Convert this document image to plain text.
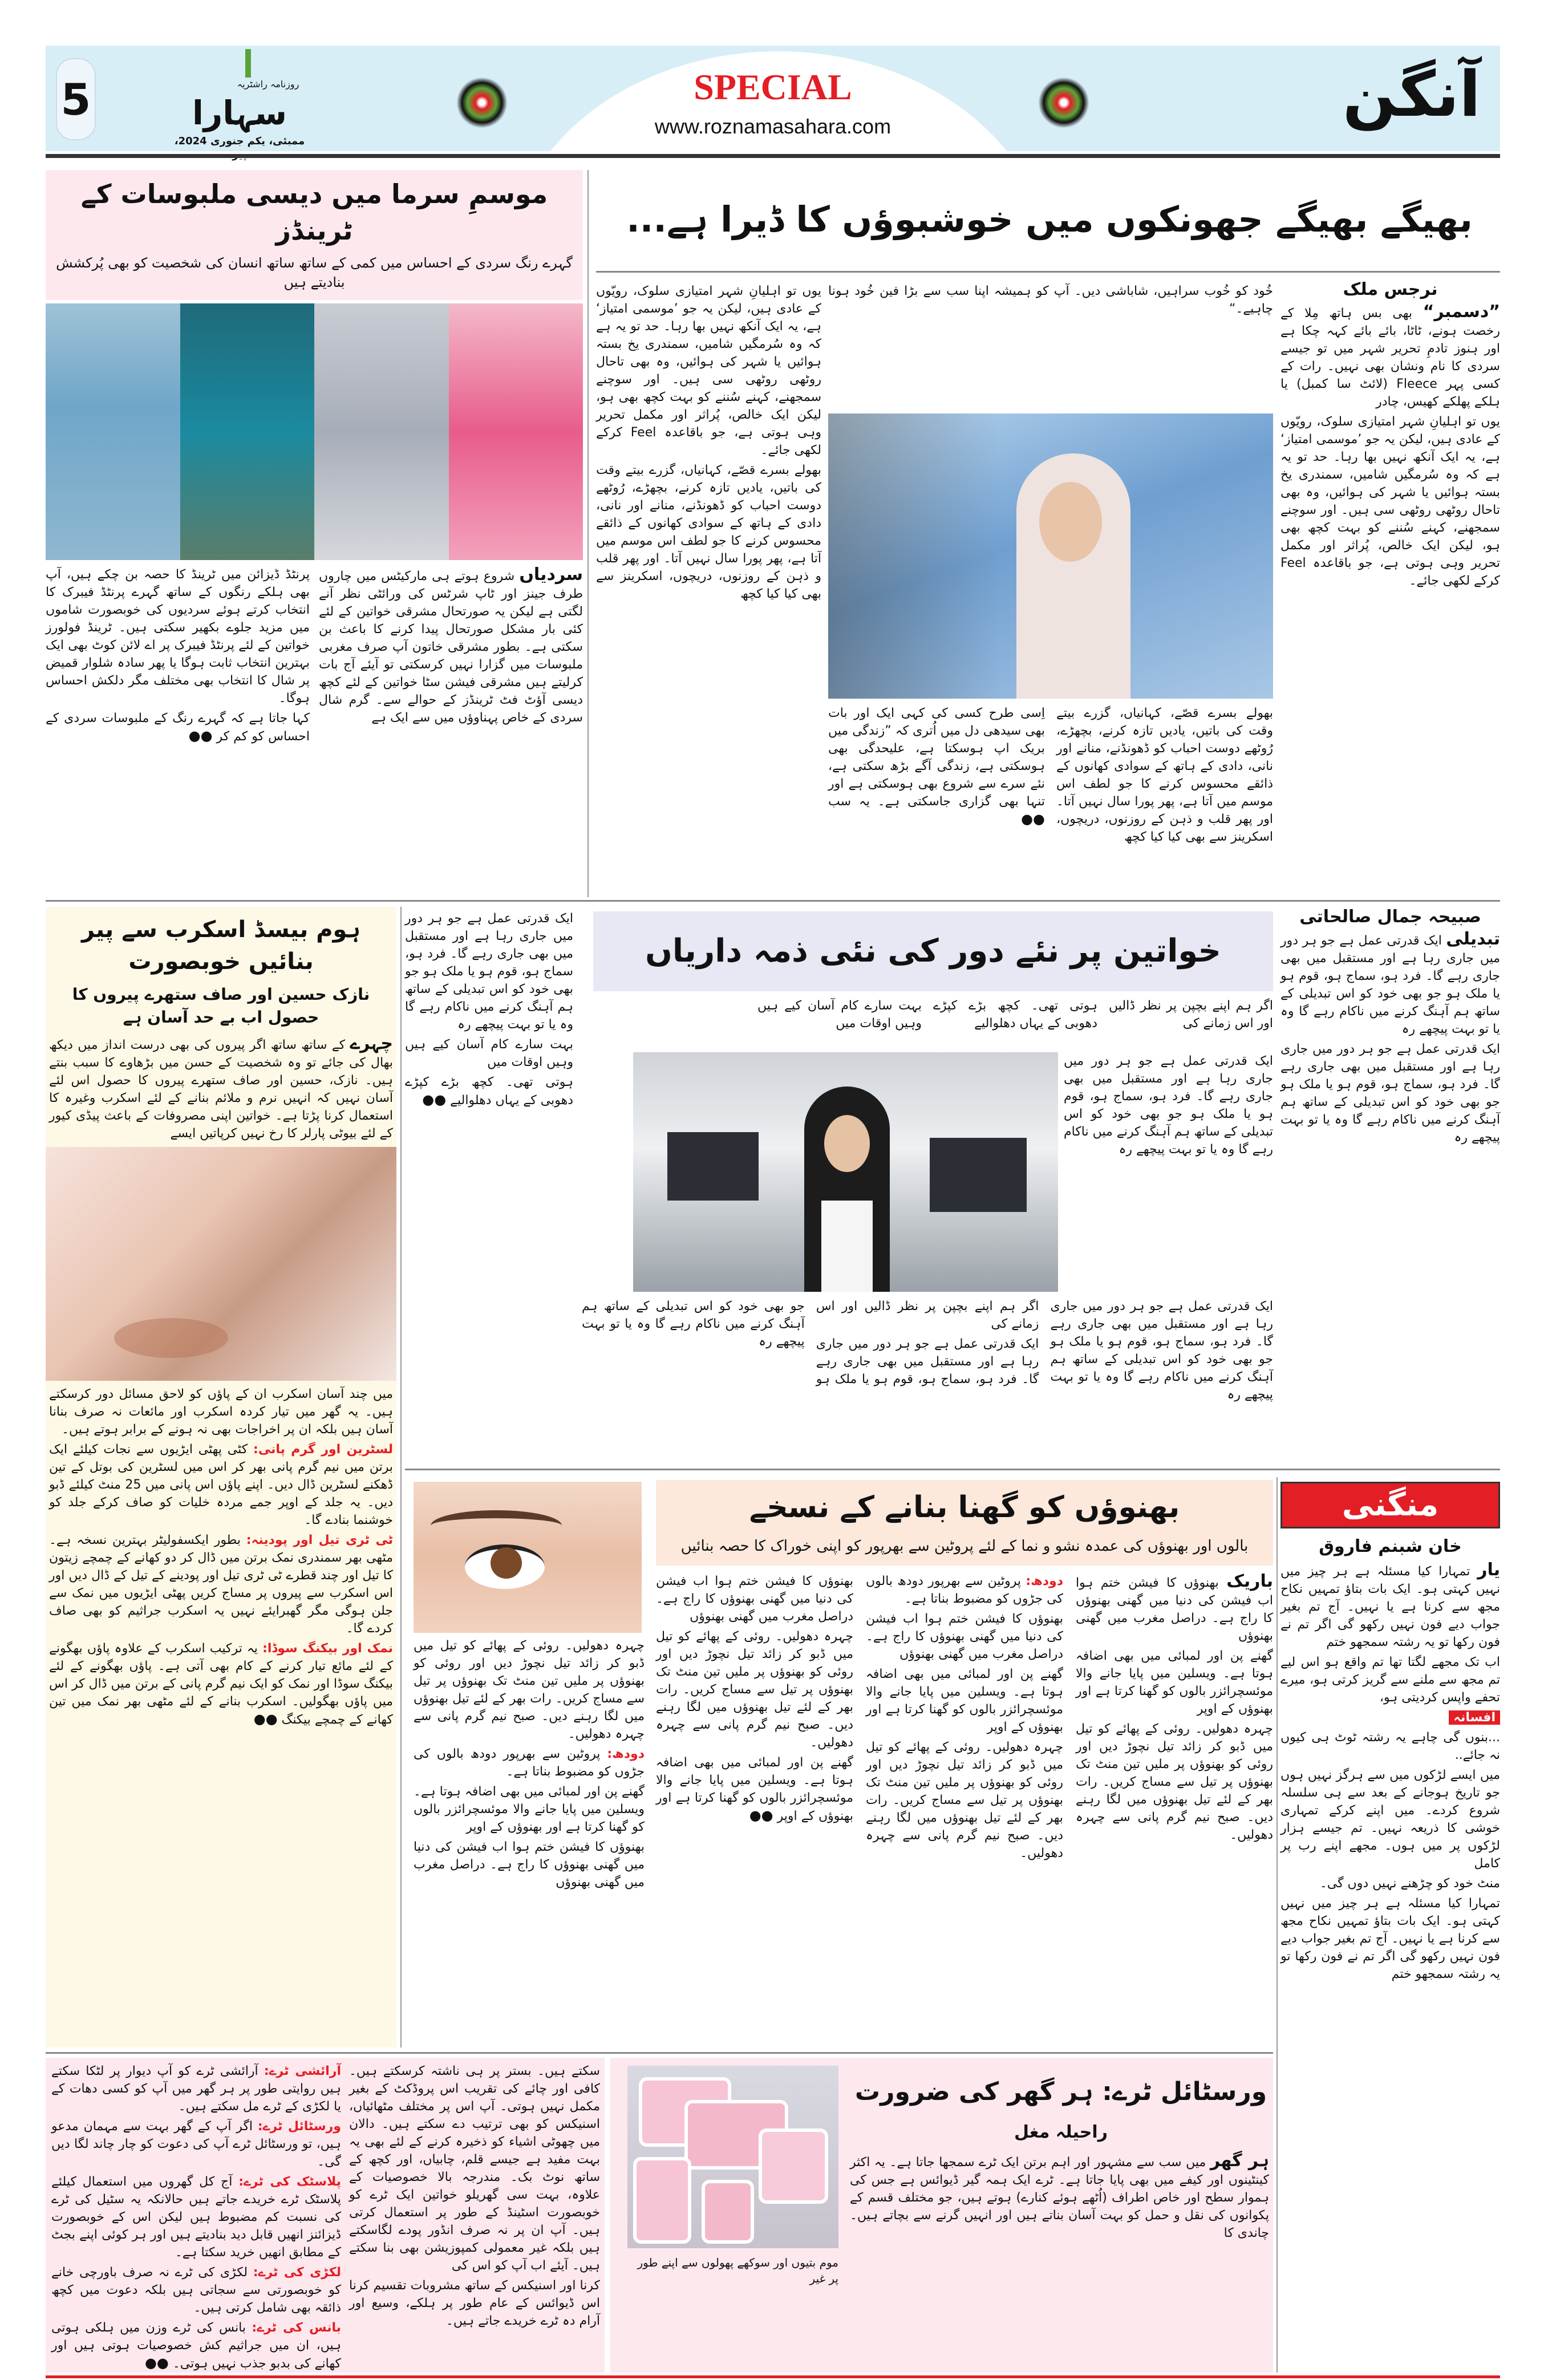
5	روزنامہ راشٹریہ
سہارا
ممبئی، یکم جنوری 2024،
SPECIAL
www.roznamasahara.com	آنگن
موسمِ سرما میں دیسی ملبوسات کے ٹرینڈز
گہرے رنگ سردی کے احساس میں کمی کے ساتھ ساتھ انسان کی شخصیت کو بھی پُرکشش بنادیتے ہیں

سردیاں شروع ہوتے ہی مارکیٹس میں چاروں طرف جینز اور ٹاپ شرٹس کی ورائٹی نظر آنے لگتی ہے لیکن یہ صورتحال مشرقی خواتین کے لئے کئی بار مشکل صورتحال پیدا کرنے کا باعث بن سکتی ہے۔ بطور مشرقی خاتون آپ صرف مغربی ملبوسات میں گزارا نہیں کرسکتی تو آیئے آج بات کرلیتے ہیں مشرقی فیشن سٹا خواتین کے لئے کچھ دیسی آؤٹ فٹ ٹرینڈز کے حوالے سے۔ گرم شال سردی کے خاص پہناوؤں میں سے ایک ہے

پرنٹڈ ڈیزائن میں ٹرینڈ کا حصہ بن چکے ہیں، آپ بھی ہلکے رنگوں کے ساتھ گہرے پرنٹڈ فیبرک کا انتخاب کرتے ہوئے سردیوں کی خوبصورت شاموں میں مزید جلوے بکھیر سکتی ہیں۔ ٹرینڈ فولورز خواتین کے لئے پرنٹڈ فیبرک پر اے لائن کوٹ بھی ایک بہترین انتخاب ثابت ہوگا یا پھر سادہ شلوار قمیض پر شال کا انتخاب بھی مختلف مگر دلکش احساس ہوگا۔

کہا جاتا ہے کہ گہرے رنگ کے ملبوسات سردی کے احساس کو کم کر ●●

بھیگے بھیگے جھونکوں میں خوشبوؤں کا ڈیرا ہے...
نرجس ملک

”دسمبر“ بھی بس ہاتھ مِلا کے رخصت ہونے، ٹاٹا، بائے بائے کہہ چکا ہے اور ہنوز تادمِ تحریر شہر میں تو جیسے سردی کا نام ونشان بھی نہیں۔ رات کے کسی پہر Fleece (لائٹ سا کمبل) یا ہلکے پھلکے کھیس، چادر

یوں تو اہلیانِ شہر امتیازی سلوک، رویّوں کے عادی ہیں، لیکن یہ جو ’موسمی امتیاز‘ ہے، یہ ایک آنکھ نہیں بھا رہا۔ حد تو یہ ہے کہ وہ سُرمگیں شامیں، سمندری یخ بستہ ہوائیں یا شہر کی ہوائیں، وہ بھی تاحال روٹھی روٹھی سی ہیں۔ اور سوچنے سمجھنے، کہنے سُننے کو بہت کچھ بھی ہو، لیکن ایک خالص، پُراثر اور مکمل تحریر وہی ہوتی ہے، جو باقاعدہ Feel کرکے لکھی جائے۔

خُود کو خُوب سراہیں، شاباشی دیں۔ آپ کو ہمیشہ اپنا سب سے بڑا فین خُود ہونا چاہیے۔“

بھولے بسرے قصّے، کہانیاں، گزرے بیتے وقت کی باتیں، یادیں تازہ کرنے، بچھڑے، رُوٹھے دوست احباب کو ڈھونڈنے، منانے اور نانی، دادی کے ہاتھ کے سوادی کھانوں کے ذائقے محسوس کرنے کا جو لطف اس موسم میں آتا ہے، پھر پورا سال نہیں آتا۔ اور پھر قلب و ذہن کے روزنوں، دریچوں، اسکرینز سے بھی کیا کیا کچھ

اِسی طرح کسی کی کہی ایک اور بات بھی سیدھی دل میں اُتری کہ ”زندگی میں بریک اپ ہوسکتا ہے، علیحدگی بھی ہوسکتی ہے، زندگی آگے بڑھ سکتی ہے، نئے سرے سے شروع بھی ہوسکتی ہے اور تنہا بھی گزاری جاسکتی ہے۔ یہ سب ●●

یوں تو اہلیانِ شہر امتیازی سلوک، رویّوں کے عادی ہیں، لیکن یہ جو ’موسمی امتیاز‘ ہے، یہ ایک آنکھ نہیں بھا رہا۔ حد تو یہ ہے کہ وہ سُرمگیں شامیں، سمندری یخ بستہ ہوائیں یا شہر کی ہوائیں، وہ بھی تاحال روٹھی روٹھی سی ہیں۔ اور سوچنے سمجھنے، کہنے سُننے کو بہت کچھ بھی ہو، لیکن ایک خالص، پُراثر اور مکمل تحریر وہی ہوتی ہے، جو باقاعدہ Feel کرکے لکھی جائے۔

بھولے بسرے قصّے، کہانیاں، گزرے بیتے وقت کی باتیں، یادیں تازہ کرنے، بچھڑے، رُوٹھے دوست احباب کو ڈھونڈنے، منانے اور نانی، دادی کے ہاتھ کے سوادی کھانوں کے ذائقے محسوس کرنے کا جو لطف اس موسم میں آتا ہے، پھر پورا سال نہیں آتا۔ اور پھر قلب و ذہن کے روزنوں، دریچوں، اسکرینز سے بھی کیا کیا کچھ

ہوم بیسڈ اسکرب سے پیر بنائیں خوبصورت
نازک حسین اور صاف ستھرے پیروں کا حصول اب بے حد آسان ہے

چہرے کے ساتھ ساتھ اگر پیروں کی بھی درست انداز میں دیکھ بھال کی جائے تو وہ شخصیت کے حسن میں بڑھاوے کا سبب بنتے ہیں۔ نازک، حسین اور صاف ستھرے پیروں کا حصول اس لئے آسان نہیں کہ انہیں نرم و ملائم بنانے کے لئے اسکرب وغیرہ کا استعمال کرنا پڑتا ہے۔ خواتین اپنی مصروفات کے باعث پیڈی کیور کے لئے بیوٹی پارلر کا رخ نہیں کرپاتیں ایسے

میں چند آسان اسکرب ان کے پاؤں کو لاحق مسائل دور کرسکتے ہیں۔ یہ گھر میں تیار کردہ اسکرب اور مائعات نہ صرف بنانا آسان ہیں بلکہ ان پر اخراجات بھی نہ ہونے کے برابر ہوتے ہیں۔

لسٹرین اور گرم پانی: کٹی پھٹی ایڑیوں سے نجات کیلئے ایک برتن میں نیم گرم پانی بھر کر اس میں لسٹرین کی بوتل کے تین ڈھکنے لسٹرین ڈال دیں۔ اپنے پاؤں اس پانی میں 25 منٹ کیلئے ڈبو دیں۔ یہ جلد کے اوپر جمے مردہ خلیات کو صاف کرکے جلد کو خوشنما بنادے گا۔

ٹی ٹری تیل اور پودینہ: بطور ایکسفولیٹر بہترین نسخہ ہے۔ مٹھی بھر سمندری نمک برتن میں ڈال کر دو کھانے کے چمچے زیتون کا تیل اور چند قطرے ٹی ٹری تیل اور پودینے کے تیل کے ڈال دیں اور اس اسکرب سے پیروں پر مساج کریں پھٹی ایڑیوں میں نمک سے جلن ہوگی مگر گھبرایئے نہیں یہ اسکرب جراثیم کو بھی صاف کردے گا۔

نمک اور بیکنگ سوڈا: یہ ترکیب اسکرب کے علاوہ پاؤں بھگونے کے لئے مائع تیار کرنے کے کام بھی آتی ہے۔ پاؤں بھگونے کے لئے بیکنگ سوڈا اور نمک کو ایک نیم گرم پانی کے برتن میں ڈال کر اس میں پاؤں بھگولیں۔ اسکرب بنانے کے لئے مٹھی بھر نمک میں تین کھانے کے چمچے بیکنگ ●●

ایک قدرتی عمل ہے جو ہر دور میں جاری رہا ہے اور مستقبل میں بھی جاری رہے گا۔ فرد ہو، سماج ہو، قوم ہو یا ملک ہو جو بھی خود کو اس تبدیلی کے ساتھ ہم آہنگ کرنے میں ناکام رہے گا وہ یا تو بہت پیچھے رہ

بہت سارے کام آسان کیے ہیں وہیں اوقات میں

ہوتی تھی۔ کچھ بڑے کپڑے دھوبی کے یہاں دھلوالیے ●●

خواتین پر نئے دور کی نئی ذمہ داریاں

اگر ہم اپنے بچپن پر نظر ڈالیں اور اس زمانے کی

ہوتی تھی۔ کچھ بڑے کپڑے دھوبی کے یہاں دھلوالیے

بہت سارے کام آسان کیے ہیں وہیں اوقات میں

ایک قدرتی عمل ہے جو ہر دور میں جاری رہا ہے اور مستقبل میں بھی جاری رہے گا۔ فرد ہو، سماج ہو، قوم ہو یا ملک ہو جو بھی خود کو اس تبدیلی کے ساتھ ہم آہنگ کرنے میں ناکام رہے گا وہ یا تو بہت پیچھے رہ

ایک قدرتی عمل ہے جو ہر دور میں جاری رہا ہے اور مستقبل میں بھی جاری رہے گا۔ فرد ہو، سماج ہو، قوم ہو یا ملک ہو جو بھی خود کو اس تبدیلی کے ساتھ ہم آہنگ کرنے میں ناکام رہے گا وہ یا تو بہت پیچھے رہ

اگر ہم اپنے بچپن پر نظر ڈالیں اور اس زمانے کی

ایک قدرتی عمل ہے جو ہر دور میں جاری رہا ہے اور مستقبل میں بھی جاری رہے گا۔ فرد ہو، سماج ہو، قوم ہو یا ملک ہو جو بھی خود کو اس تبدیلی کے ساتھ ہم آہنگ کرنے میں ناکام رہے گا وہ یا تو بہت پیچھے رہ

صبیحہ جمال صالحاتی

تبدیلی ایک قدرتی عمل ہے جو ہر دور میں جاری رہا ہے اور مستقبل میں بھی جاری رہے گا۔ فرد ہو، سماج ہو، قوم ہو یا ملک ہو جو بھی خود کو اس تبدیلی کے ساتھ ہم آہنگ کرنے میں ناکام رہے گا وہ یا تو بہت پیچھے رہ

ایک قدرتی عمل ہے جو ہر دور میں جاری رہا ہے اور مستقبل میں بھی جاری رہے گا۔ فرد ہو، سماج ہو، قوم ہو یا ملک ہو جو بھی خود کو اس تبدیلی کے ساتھ ہم آہنگ کرنے میں ناکام رہے گا وہ یا تو بہت پیچھے رہ

چہرہ دھولیں۔ روئی کے پھائے کو تیل میں ڈبو کر زائد تیل نچوڑ دیں اور روئی کو بھنوؤں پر ملیں تین منٹ تک بھنوؤں پر تیل سے مساج کریں۔ رات بھر کے لئے تیل بھنوؤں میں لگا رہنے دیں۔ صبح نیم گرم پانی سے چہرہ دھولیں۔

دودھ: پروٹین سے بھرپور دودھ بالوں کی جڑوں کو مضبوط بناتا ہے۔

گھنے پن اور لمبائی میں بھی اضافہ ہوتا ہے۔ ویسلین میں پایا جانے والا موئسچرائزر بالوں کو گھنا کرتا ہے اور بھنوؤں کے اوپر

بھنوؤں کا فیشن ختم ہوا اب فیشن کی دنیا میں گھنی بھنوؤں کا راج ہے۔ دراصل مغرب میں گھنی بھنوؤں

بھنوؤں کو گھنا بنانے کے نسخے
بالوں اور بھنوؤں کی عمدہ نشو و نما کے لئے پروٹین سے بھرپور کو اپنی خوراک کا حصہ بنائیں

باریک بھنوؤں کا فیشن ختم ہوا اب فیشن کی دنیا میں گھنی بھنوؤں کا راج ہے۔ دراصل مغرب میں گھنی بھنوؤں

گھنے پن اور لمبائی میں بھی اضافہ ہوتا ہے۔ ویسلین میں پایا جانے والا موئسچرائزر بالوں کو گھنا کرتا ہے اور بھنوؤں کے اوپر

چہرہ دھولیں۔ روئی کے پھائے کو تیل میں ڈبو کر زائد تیل نچوڑ دیں اور روئی کو بھنوؤں پر ملیں تین منٹ تک بھنوؤں پر تیل سے مساج کریں۔ رات بھر کے لئے تیل بھنوؤں میں لگا رہنے دیں۔ صبح نیم گرم پانی سے چہرہ دھولیں۔

دودھ: پروٹین سے بھرپور دودھ بالوں کی جڑوں کو مضبوط بناتا ہے۔

بھنوؤں کا فیشن ختم ہوا اب فیشن کی دنیا میں گھنی بھنوؤں کا راج ہے۔ دراصل مغرب میں گھنی بھنوؤں

گھنے پن اور لمبائی میں بھی اضافہ ہوتا ہے۔ ویسلین میں پایا جانے والا موئسچرائزر بالوں کو گھنا کرتا ہے اور بھنوؤں کے اوپر

چہرہ دھولیں۔ روئی کے پھائے کو تیل میں ڈبو کر زائد تیل نچوڑ دیں اور روئی کو بھنوؤں پر ملیں تین منٹ تک بھنوؤں پر تیل سے مساج کریں۔ رات بھر کے لئے تیل بھنوؤں میں لگا رہنے دیں۔ صبح نیم گرم پانی سے چہرہ دھولیں۔

بھنوؤں کا فیشن ختم ہوا اب فیشن کی دنیا میں گھنی بھنوؤں کا راج ہے۔ دراصل مغرب میں گھنی بھنوؤں

چہرہ دھولیں۔ روئی کے پھائے کو تیل میں ڈبو کر زائد تیل نچوڑ دیں اور روئی کو بھنوؤں پر ملیں تین منٹ تک بھنوؤں پر تیل سے مساج کریں۔ رات بھر کے لئے تیل بھنوؤں میں لگا رہنے دیں۔ صبح نیم گرم پانی سے چہرہ دھولیں۔

گھنے پن اور لمبائی میں بھی اضافہ ہوتا ہے۔ ویسلین میں پایا جانے والا موئسچرائزر بالوں کو گھنا کرتا ہے اور بھنوؤں کے اوپر ●●

منگنی
خان شبنم فاروق

یار تمہارا کیا مسئلہ ہے ہر چیز میں نہیں کہتی ہو۔ ایک بات بتاؤ تمہیں نکاح مجھ سے کرنا ہے یا نہیں۔ آج تم بغیر جواب دیے فون نہیں رکھو گی اگر تم نے فون رکھا تو یہ رشتہ سمجھو ختم

اب تک مجھے لگتا تھا تم واقع ہو اس لیے تم مجھ سے ملنے سے گریز کرتی ہو، میرے تحفے واپس کردیتی ہو،

افسانہ

...بنوں گی چاہے یہ رشتہ ٹوٹ ہی کیوں نہ جائے..

میں ایسے لڑکوں میں سے ہرگز نہیں ہوں جو تاریخ ہوجانے کے بعد سے ہی سلسلہ شروع کردے۔ میں اپنے کرکے تمہاری خوشی کا ذریعہ نہیں۔ تم جیسے ہزار لڑکوں پر میں ہوں۔ مجھے اپنے رب پر کامل

منٹ خود کو چڑھنے نہیں دوں گی۔

تمہارا کیا مسئلہ ہے ہر چیز میں نہیں کہتی ہو۔ ایک بات بتاؤ تمہیں نکاح مجھ سے کرنا ہے یا نہیں۔ آج تم بغیر جواب دیے فون نہیں رکھو گی اگر تم نے فون رکھا تو یہ رشتہ سمجھو ختم

آرائشی ٹرے: آرائشی ٹرے کو آپ دیوار پر لٹکا سکتے ہیں روایتی طور پر ہر گھر میں آپ کو کسی دھات کے یا لکڑی کے ٹرے مل سکتے ہیں۔

ورسٹائل ٹرے: اگر آپ کے گھر بہت سے مہمان مدعو ہیں، تو ورسٹائل ٹرے آپ کی دعوت کو چار چاند لگا دیں گی۔

پلاسٹک کی ٹرے: آج کل گھروں میں استعمال کیلئے پلاسٹک ٹرے خریدے جاتے ہیں حالانکہ یہ سٹیل کی ٹرے کی نسبت کم مضبوط ہیں لیکن اس کے خوبصورت ڈیزائنز انھیں قابل دید بنادیتے ہیں اور ہر کوئی اپنے بجٹ کے مطابق انھیں خرید سکتا ہے۔

لکڑی کی ٹرے: لکڑی کی ٹرے نہ صرف باورچی خانے کو خوبصورتی سے سجاتی ہیں بلکہ دعوت میں کچھ ذائقہ بھی شامل کرتی ہیں۔

بانس کی ٹرے: بانس کی ٹرے وزن میں ہلکی ہوتی ہیں، ان میں جراثیم کش خصوصیات ہوتی ہیں اور کھانے کی بدبو جذب نہیں ہوتی۔ ●●

سکتے ہیں۔ بستر پر ہی ناشتہ کرسکتے ہیں۔ کافی اور چائے کی تقریب اس پروڈکٹ کے بغیر مکمل نہیں ہوتی۔ آپ اس پر مختلف مٹھائیاں، اسنیکس کو بھی ترتیب دے سکتے ہیں۔ دالان میں چھوٹی اشیاء کو ذخیرہ کرنے کے لئے بھی یہ بہت مفید ہے جیسے قلم، چابیاں، اور کچھ کے ساتھ نوٹ بک۔ مندرجہ بالا خصوصیات کے علاوہ، بہت سی گھریلو خواتین ایک ٹرے کو خوبصورت اسٹینڈ کے طور پر استعمال کرتی ہیں۔ آپ ان پر نہ صرف انڈور پودے لگاسکتے ہیں بلکہ غیر معمولی کمپوزیشن بھی بنا سکتے ہیں۔ آیئے اب آپ کو اس کی

کرنا اور اسنیکس کے ساتھ مشروبات تقسیم کرنا اس ڈیوائس کے عام طور پر ہلکے، وسیع اور آرام دہ ٹرے خریدے جاتے ہیں۔

موم بتیوں اور سوکھے پھولوں سے اپنے طور پر غیر
ورسٹائل ٹرے: ہر گھر کی ضرورت
راحیلہ مغل

ہر گھر میں سب سے مشہور اور اہم برتن ایک ٹرے سمجھا جاتا ہے۔ یہ اکثر کینٹینوں اور کیفے میں بھی پایا جاتا ہے۔ ٹرے ایک ہمہ گیر ڈیوائس ہے جس کی ہموار سطح اور خاص اطراف (اُٹھے ہوئے کنارے) ہوتے ہیں، جو مختلف قسم کے پکوانوں کی نقل و حمل کو بہت آسان بناتے ہیں اور انہیں گرنے سے بچاتے ہیں۔ چاندی کا
